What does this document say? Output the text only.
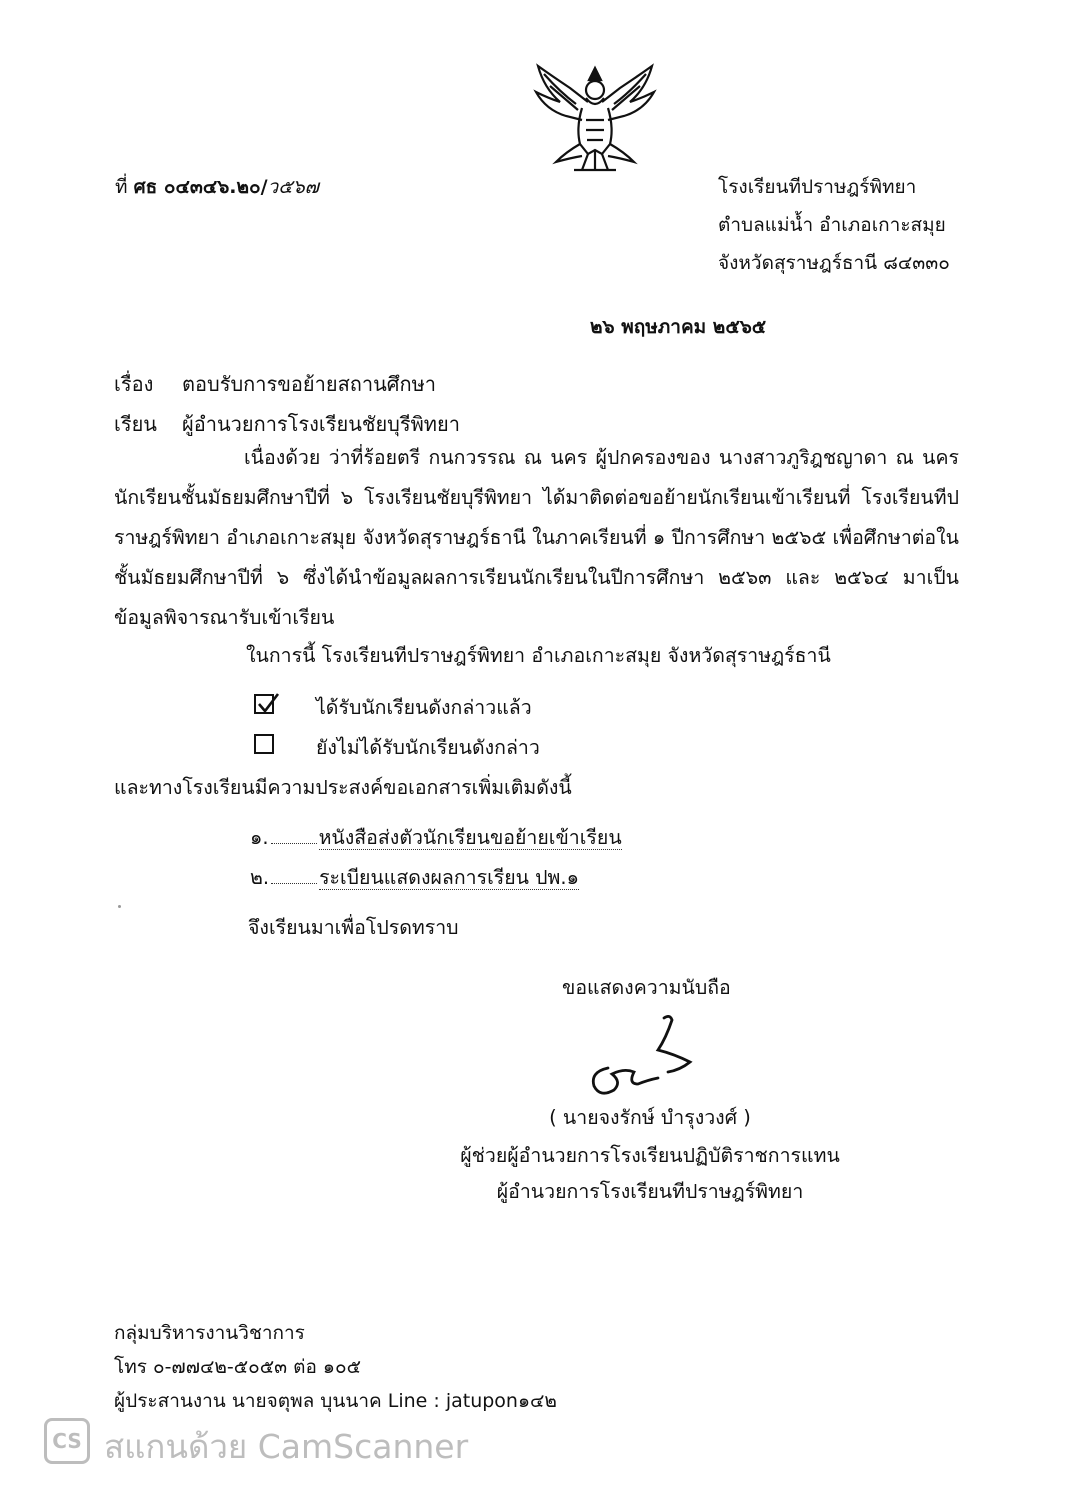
ที่ ศธ ๐๔๓๔๖.๒๐/ว๕๖๗	โรงเรียนทีปราษฎร์พิทยา
ตำบลแม่น้ำ อำเภอเกาะสมุย
จังหวัดสุราษฎร์ธานี ๘๔๓๓๐
๒๖ พฤษภาคม ๒๕๖๕
เรื่อง ตอบรับการขอย้ายสถานศึกษา
เรียน ผู้อำนวยการโรงเรียนชัยบุรีพิทยา
เนื่องด้วย ว่าที่ร้อยตรี กนกวรรณ ณ นคร ผู้ปกครองของ นางสาวภูริฎชญาดา ณ นคร นักเรียนชั้นมัธยมศึกษาปีที่ ๖ โรงเรียนชัยบุรีพิทยา ได้มาติดต่อขอย้ายนักเรียนเข้าเรียนที่ โรงเรียนทีปราษฎร์พิทยา อำเภอเกาะสมุย จังหวัดสุราษฎร์ธานี ในภาคเรียนที่ ๑ ปีการศึกษา ๒๕๖๕ เพื่อศึกษาต่อในชั้นมัธยมศึกษาปีที่ ๖ ซึ่งได้นำข้อมูลผลการเรียนนักเรียนในปีการศึกษา ๒๕๖๓ และ ๒๕๖๔ มาเป็นข้อมูลพิจารณารับเข้าเรียน
ในการนี้ โรงเรียนทีปราษฎร์พิทยา อำเภอเกาะสมุย จังหวัดสุราษฎร์ธานี
ได้รับนักเรียนดังกล่าวแล้ว
ยังไม่ได้รับนักเรียนดังกล่าว
และทางโรงเรียนมีความประสงค์ขอเอกสารเพิ่มเติมดังนี้
๑.	หนังสือส่งตัวนักเรียนขอย้ายเข้าเรียน
๒.	ระเบียนแสดงผลการเรียน ปพ.๑
จึงเรียนมาเพื่อโปรดทราบ
ขอแสดงความนับถือ
( นายจงรักษ์ บำรุงวงศ์ )
ผู้ช่วยผู้อำนวยการโรงเรียนปฏิบัติราชการแทน
ผู้อำนวยการโรงเรียนทีปราษฎร์พิทยา
กลุ่มบริหารงานวิชาการ
โทร ๐-๗๗๔๒-๕๐๕๓ ต่อ ๑๐๕
ผู้ประสานงาน นายจตุพล บุนนาค Line : jatupon๑๔๒
CS สแกนด้วย CamScanner
